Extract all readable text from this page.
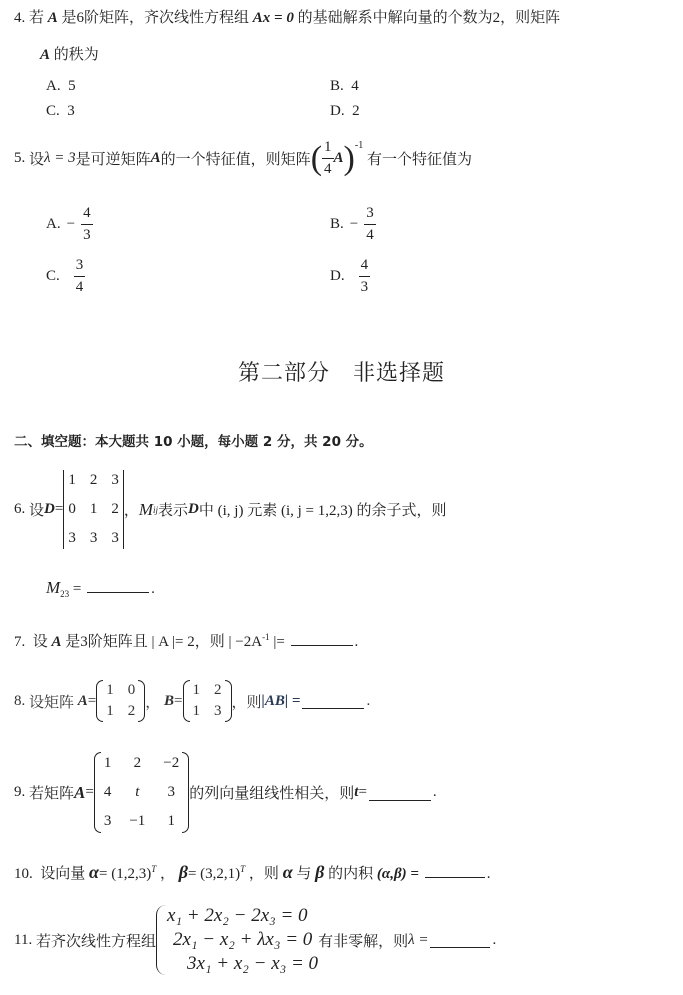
4. 若 A 是6阶矩阵，齐次线性方程组 Ax = 0 的基础解系中解向量的个数为2，则矩阵
A 的秩为
A. 5	B. 4
C. 3	D. 2
5.
设 λ = 3 是可逆矩阵 A 的一个特征值，则矩阵 ( $\frac{1}{4}$ A ) -1

有一个特征值为
A. − $\frac{4}{3}$	B. − $\frac{3}{4}$
C. $\frac{3}{4}$	D. $\frac{4}{3}$
第二部分　非选择题
二、填空题：本大题共 10 小题，每小题 2 分，共 20 分。
6.
设 D =
1 2 3
0 1 2
3 3 3
， M ij 表示 D 中 (i, j) 元素 (i, j = 1,2,3) 的余子式，则
$M_{23}$ =	.
7. 设 A 是3阶矩阵且 | A |= 2，则 | $-2A^{-1}$ |=	.
8.
设矩阵
A =
1 0
1 2
，
B =
1 2
1 3
，则 |AB| =	.
9.
若矩阵 A =
1 2 −2
4	t	3
3 −1 1
的列向量组线性相关，则 t =	.
10. 设向量 $\alpha= (1,2,3)^T$ ， $\beta= (3,2,1)^T$ ，则 α 与 β 的内积 (α,β) =	.
11.
若齐次线性方程组
x₁ + 2x₂ − 2x₃ = 0
2x₁ − x₂ + λx₃ = 0
3x₁ + x₂ − x₃ = 0
有非零解，则 λ =	.
